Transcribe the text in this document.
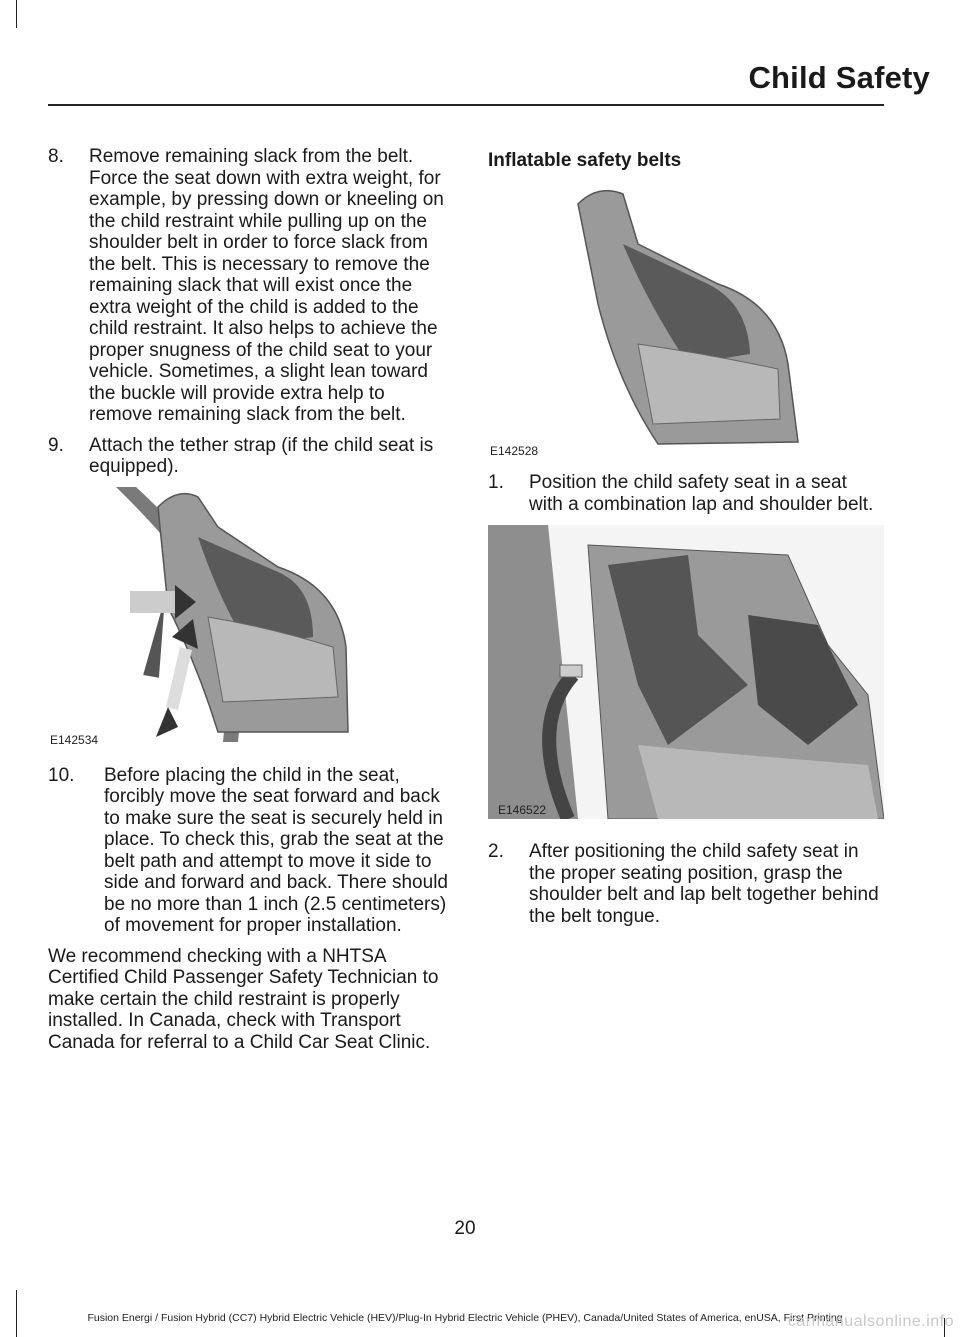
Child Safety
8. Remove remaining slack from the belt. Force the seat down with extra weight, for example, by pressing down or kneeling on the child restraint while pulling up on the shoulder belt in order to force slack from the belt. This is necessary to remove the remaining slack that will exist once the extra weight of the child is added to the child restraint. It also helps to achieve the proper snugness of the child seat to your vehicle. Sometimes, a slight lean toward the buckle will provide extra help to remove remaining slack from the belt.
9. Attach the tether strap (if the child seat is equipped).
E142534
10. Before placing the child in the seat, forcibly move the seat forward and back to make sure the seat is securely held in place. To check this, grab the seat at the belt path and attempt to move it side to side and forward and back. There should be no more than 1 inch (2.5 centimeters) of movement for proper installation.

We recommend checking with a NHTSA Certified Child Passenger Safety Technician to make certain the child restraint is properly installed. In Canada, check with Transport Canada for referral to a Child Car Seat Clinic.

Inflatable safety belts

E142528
1. Position the child safety seat in a seat with a combination lap and shoulder belt.
E146522
2. After positioning the child safety seat in the proper seating position, grasp the shoulder belt and lap belt together behind the belt tongue.
20
Fusion Energi / Fusion Hybrid (CC7) Hybrid Electric Vehicle (HEV)/Plug-In Hybrid Electric Vehicle (PHEV), Canada/United States of America, enUSA, First Printing
carmanualsonline.info
